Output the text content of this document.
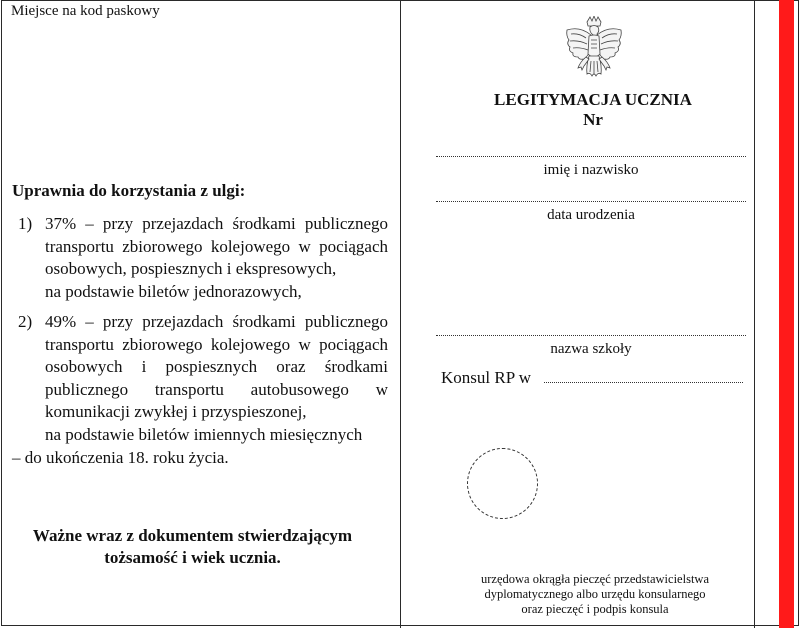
Miejsce na kod paskowy
Uprawnia do korzystania z ulgi:
1) 37% – przy przejazdach środkami publicznego transportu zbiorowego kolejowego w pociągach osobowych, pospiesznych i ekspresowych,
na podstawie biletów jednorazowych,
2) 49% – przy przejazdach środkami publicznego transportu zbiorowego kolejowego w pociągach osobowych i pospiesznych oraz środkami publicznego transportu autobusowego w komunikacji zwykłej i przyspieszonej,
na podstawie biletów imiennych miesięcznych
– do ukończenia 18. roku życia.
Ważne wraz z dokumentem stwierdzającym
tożsamość i wiek ucznia.
LEGITYMACJA UCZNIA
Nr
imię i nazwisko
data urodzenia
nazwa szkoły
Konsul RP w
urzędowa okrągła pieczęć przedstawicielstwa
dyplomatycznego albo urzędu konsularnego
oraz pieczęć i podpis konsula
